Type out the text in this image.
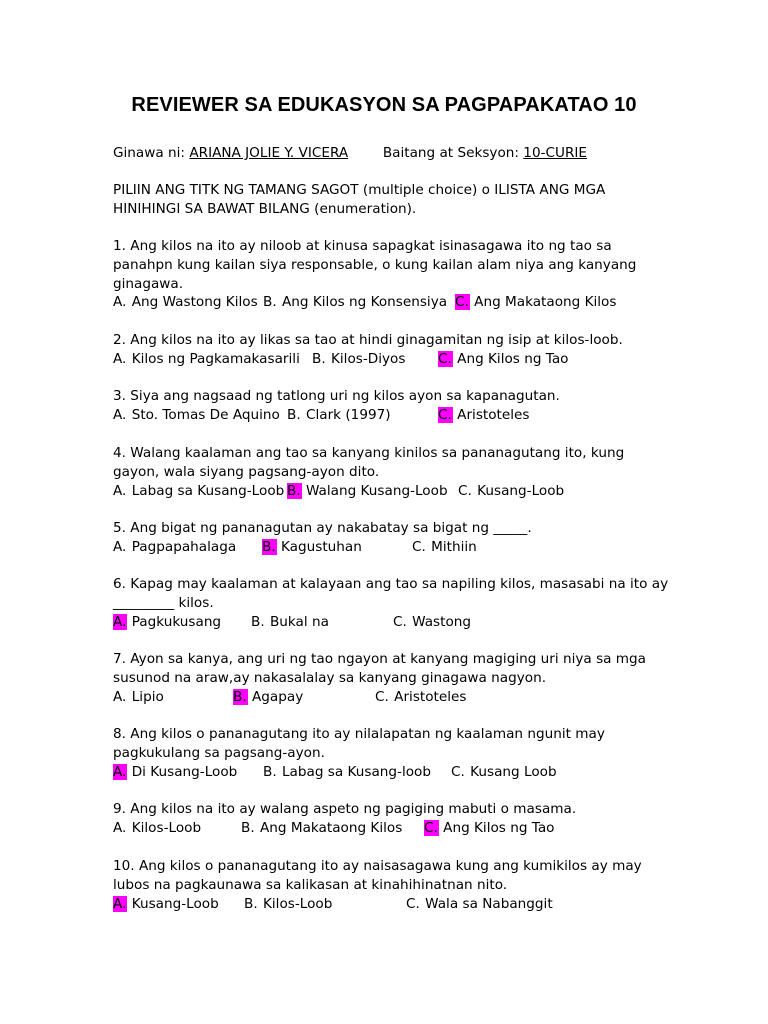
REVIEWER SA EDUKASYON SA PAGPAPAKATAO 10
Ginawa ni: ARIANA JOLIE Y. VICERA	Baitang at Seksyon: 10-CURIE
PILIIN ANG TITK NG TAMANG SAGOT (multiple choice) o ILISTA ANG MGA
HINIHINGI SA BAWAT BILANG (enumeration).
1. Ang kilos na ito ay niloob at kinusa sapagkat isinasagawa ito ng tao sa
panahpn kung kailan siya responsable, o kung kailan alam niya ang kanyang
ginagawa.
A. Ang Wastong Kilos B. Ang Kilos ng Konsensiya C. Ang Makataong Kilos
2. Ang kilos na ito ay likas sa tao at hindi ginagamitan ng isip at kilos-loob.
A. Kilos ng Pagkamakasarili B. Kilos-Diyos C. Ang Kilos ng Tao
3. Siya ang nagsaad ng tatlong uri ng kilos ayon sa kapanagutan.
A. Sto. Tomas De Aquino B. Clark (1997)	C. Aristoteles
4. Walang kaalaman ang tao sa kanyang kinilos sa pananagutang ito, kung
gayon, wala siyang pagsang-ayon dito.
A. Labag sa Kusang-Loob B. Walang Kusang-Loob C. Kusang-Loob
5. Ang bigat ng pananagutan ay nakabatay sa bigat ng _____.
A. Pagpapahalaga B. Kagustuhan	C. Mithiin
6. Kapag may kaalaman at kalayaan ang tao sa napiling kilos, masasabi na ito ay
_________ kilos.
A. Pagkukusang B. Bukal na	C. Wastong
7. Ayon sa kanya, ang uri ng tao ngayon at kanyang magiging uri niya sa mga
susunod na araw,ay nakasalalay sa kanyang ginagawa nagyon.
A. Lipio	B. Agapay	C. Aristoteles
8. Ang kilos o pananagutang ito ay nilalapatan ng kaalaman ngunit may
pagkukulang sa pagsang-ayon.
A. Di Kusang-Loob B. Labag sa Kusang-loob C. Kusang Loob
9. Ang kilos na ito ay walang aspeto ng pagiging mabuti o masama.
A. Kilos-Loob	B. Ang Makataong Kilos C. Ang Kilos ng Tao
10. Ang kilos o pananagutang ito ay naisasagawa kung ang kumikilos ay may
lubos na pagkaunawa sa kalikasan at kinahihinatnan nito.
A. Kusang-Loob B. Kilos-Loob	C. Wala sa Nabanggit
